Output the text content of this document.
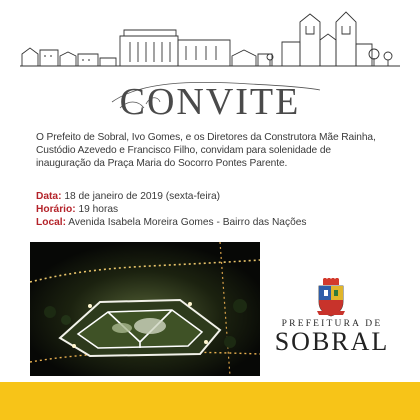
CONVITE

O Prefeito de Sobral, Ivo Gomes, e os Diretores da Construtora Mãe Rainha, Custódio Azevedo e Francisco Filho, convidam para solenidade de inauguração da Praça Maria do Socorro Pontes Parente.

Data: 18 de janeiro de 2019 (sexta-feira)
Horário: 19 horas
Local: Avenida Isabela Moreira Gomes - Bairro das Nações
PREFEITURA DE
SOBRAL
